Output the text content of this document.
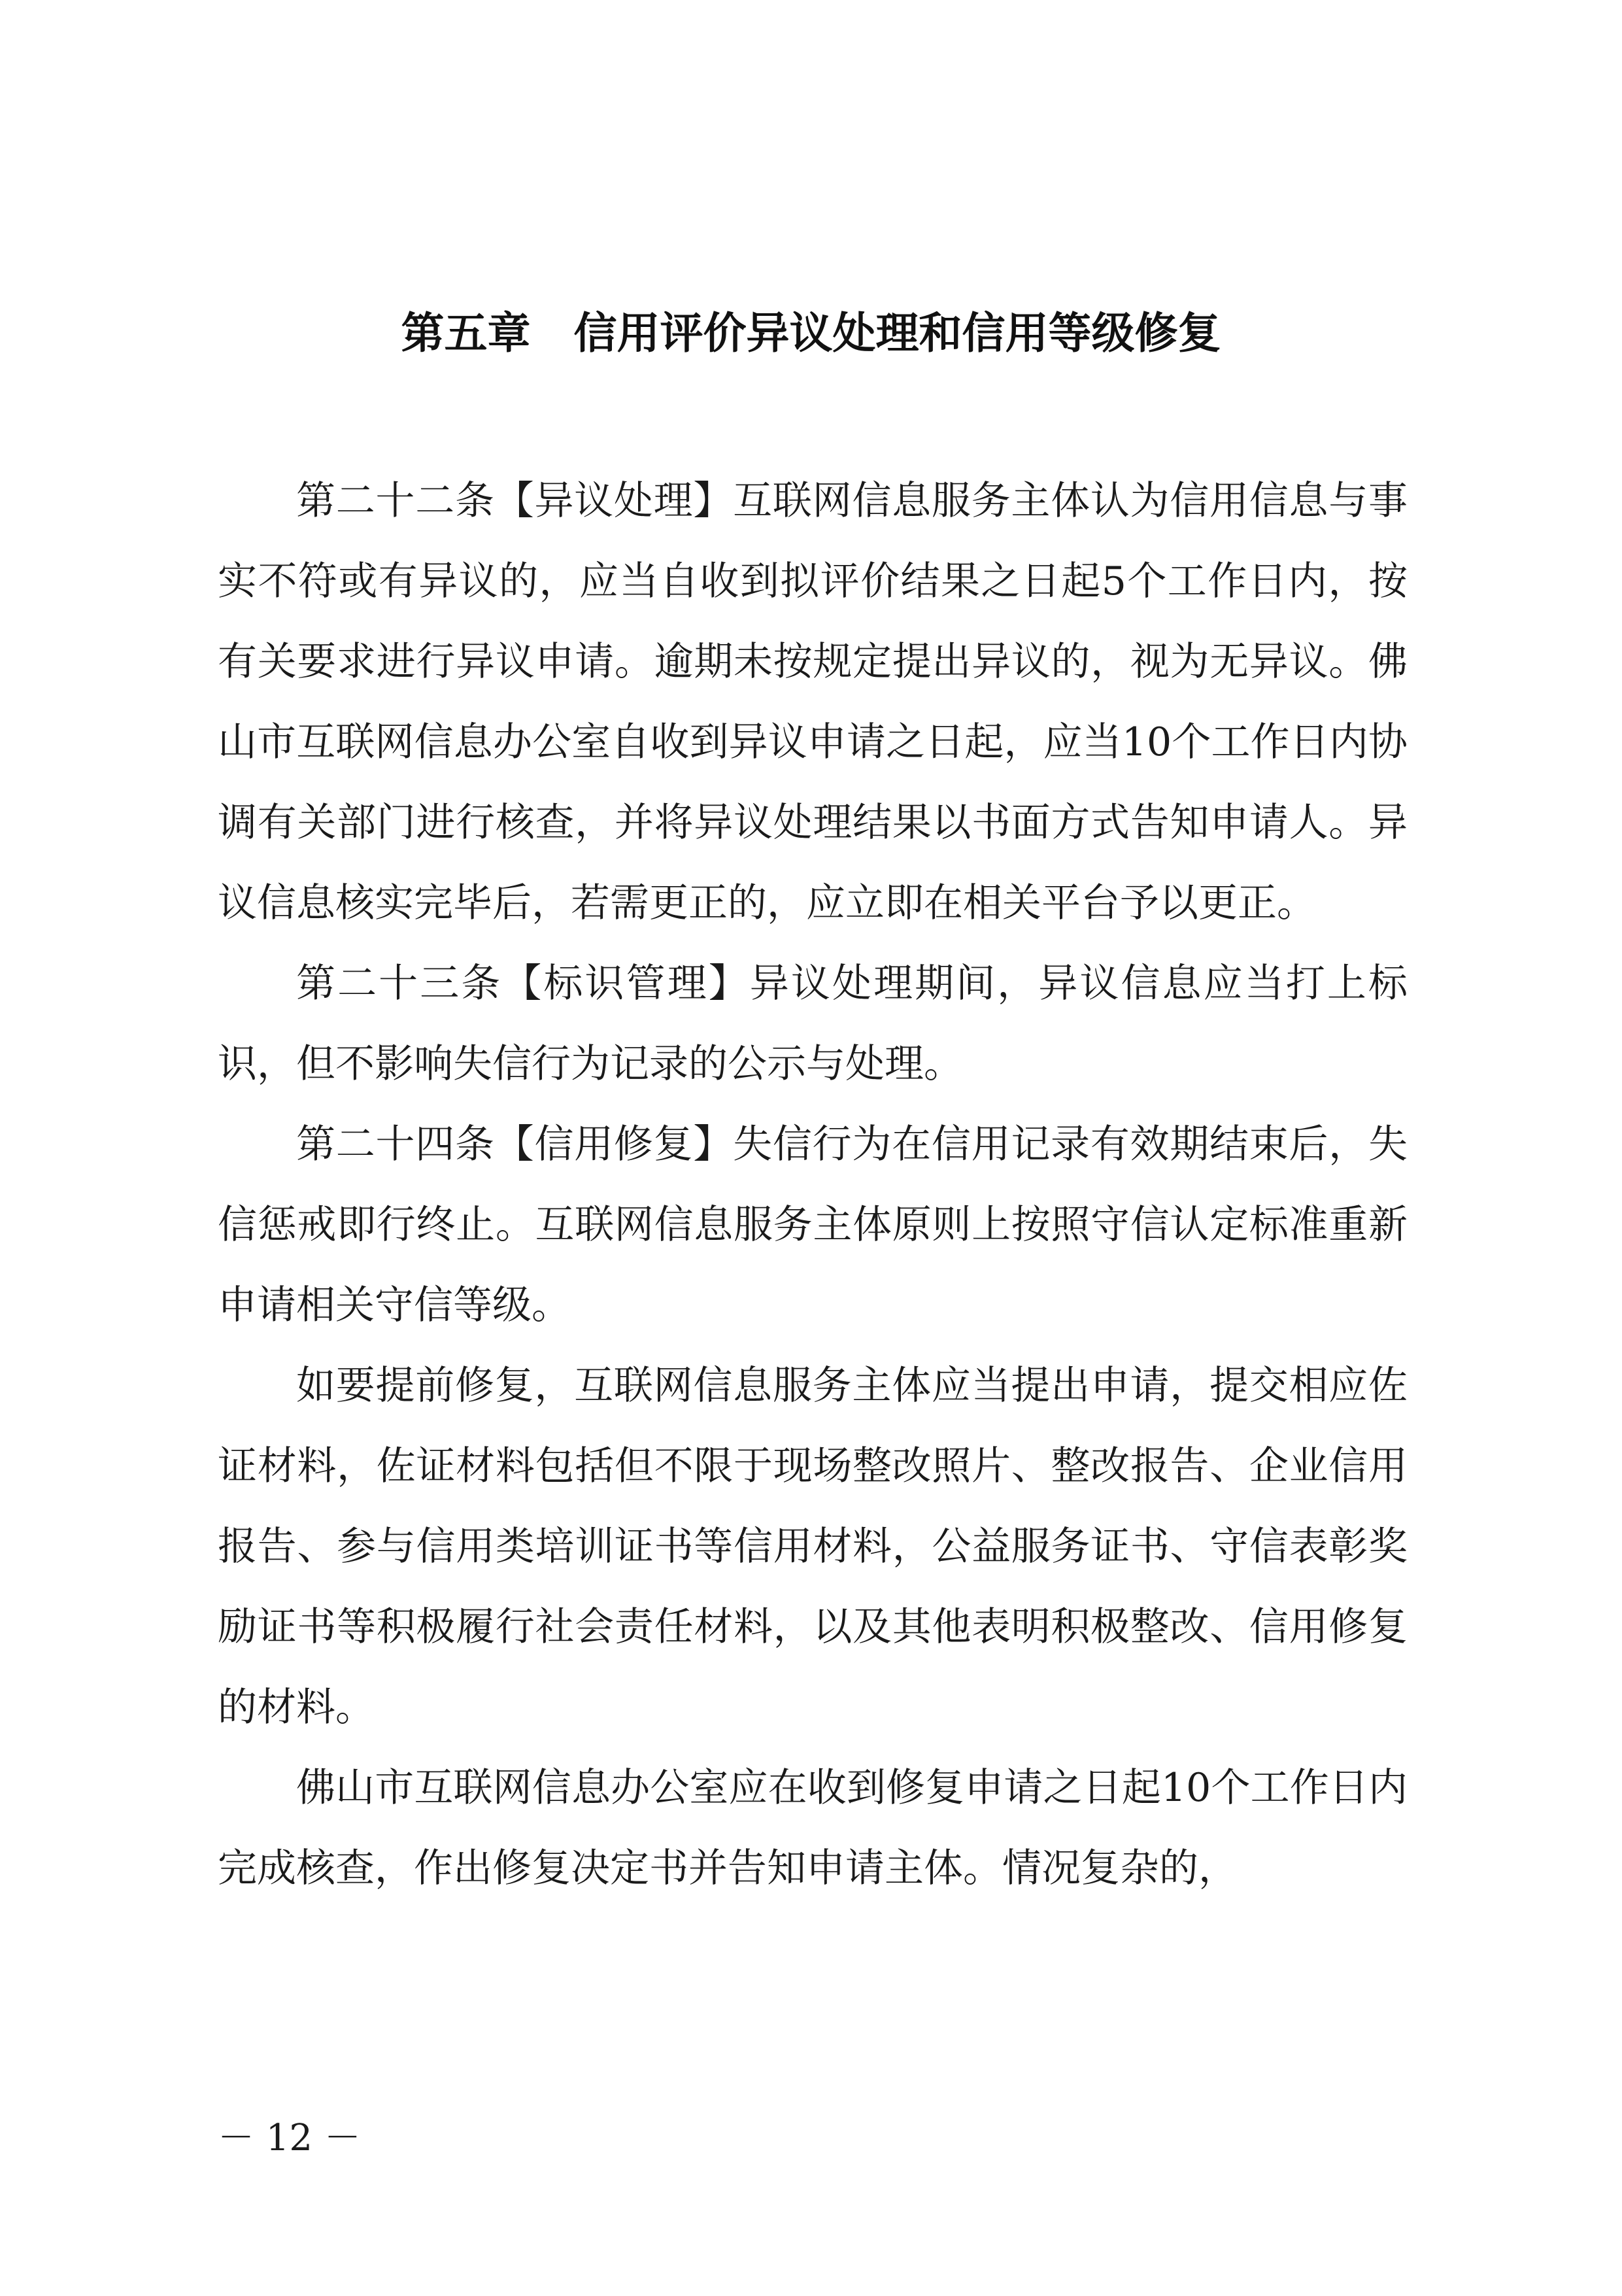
第五章　信用评价异议处理和信用等级修复

第二十二条【异议处理】互联网信息服务主体认为信用信息与事实不符或有异议的，应当自收到拟评价结果之日起5个工作日内，按有关要求进行异议申请。逾期未按规定提出异议的，视为无异议。佛山市互联网信息办公室自收到异议申请之日起，应当10个工作日内协调有关部门进行核查，并将异议处理结果以书面方式告知申请人。异议信息核实完毕后，若需更正的，应立即在相关平台予以更正。

第二十三条【标识管理】异议处理期间，异议信息应当打上标识，但不影响失信行为记录的公示与处理。

第二十四条【信用修复】失信行为在信用记录有效期结束后，失信惩戒即行终止。互联网信息服务主体原则上按照守信认定标准重新申请相关守信等级。

如要提前修复，互联网信息服务主体应当提出申请，提交相应佐证材料，佐证材料包括但不限于现场整改照片、整改报告、企业信用报告、参与信用类培训证书等信用材料，公益服务证书、守信表彰奖励证书等积极履行社会责任材料，以及其他表明积极整改、信用修复的材料。

佛山市互联网信息办公室应在收到修复申请之日起10个工作日内完成核查，作出修复决定书并告知申请主体。情况复杂的，

－ 12 －
